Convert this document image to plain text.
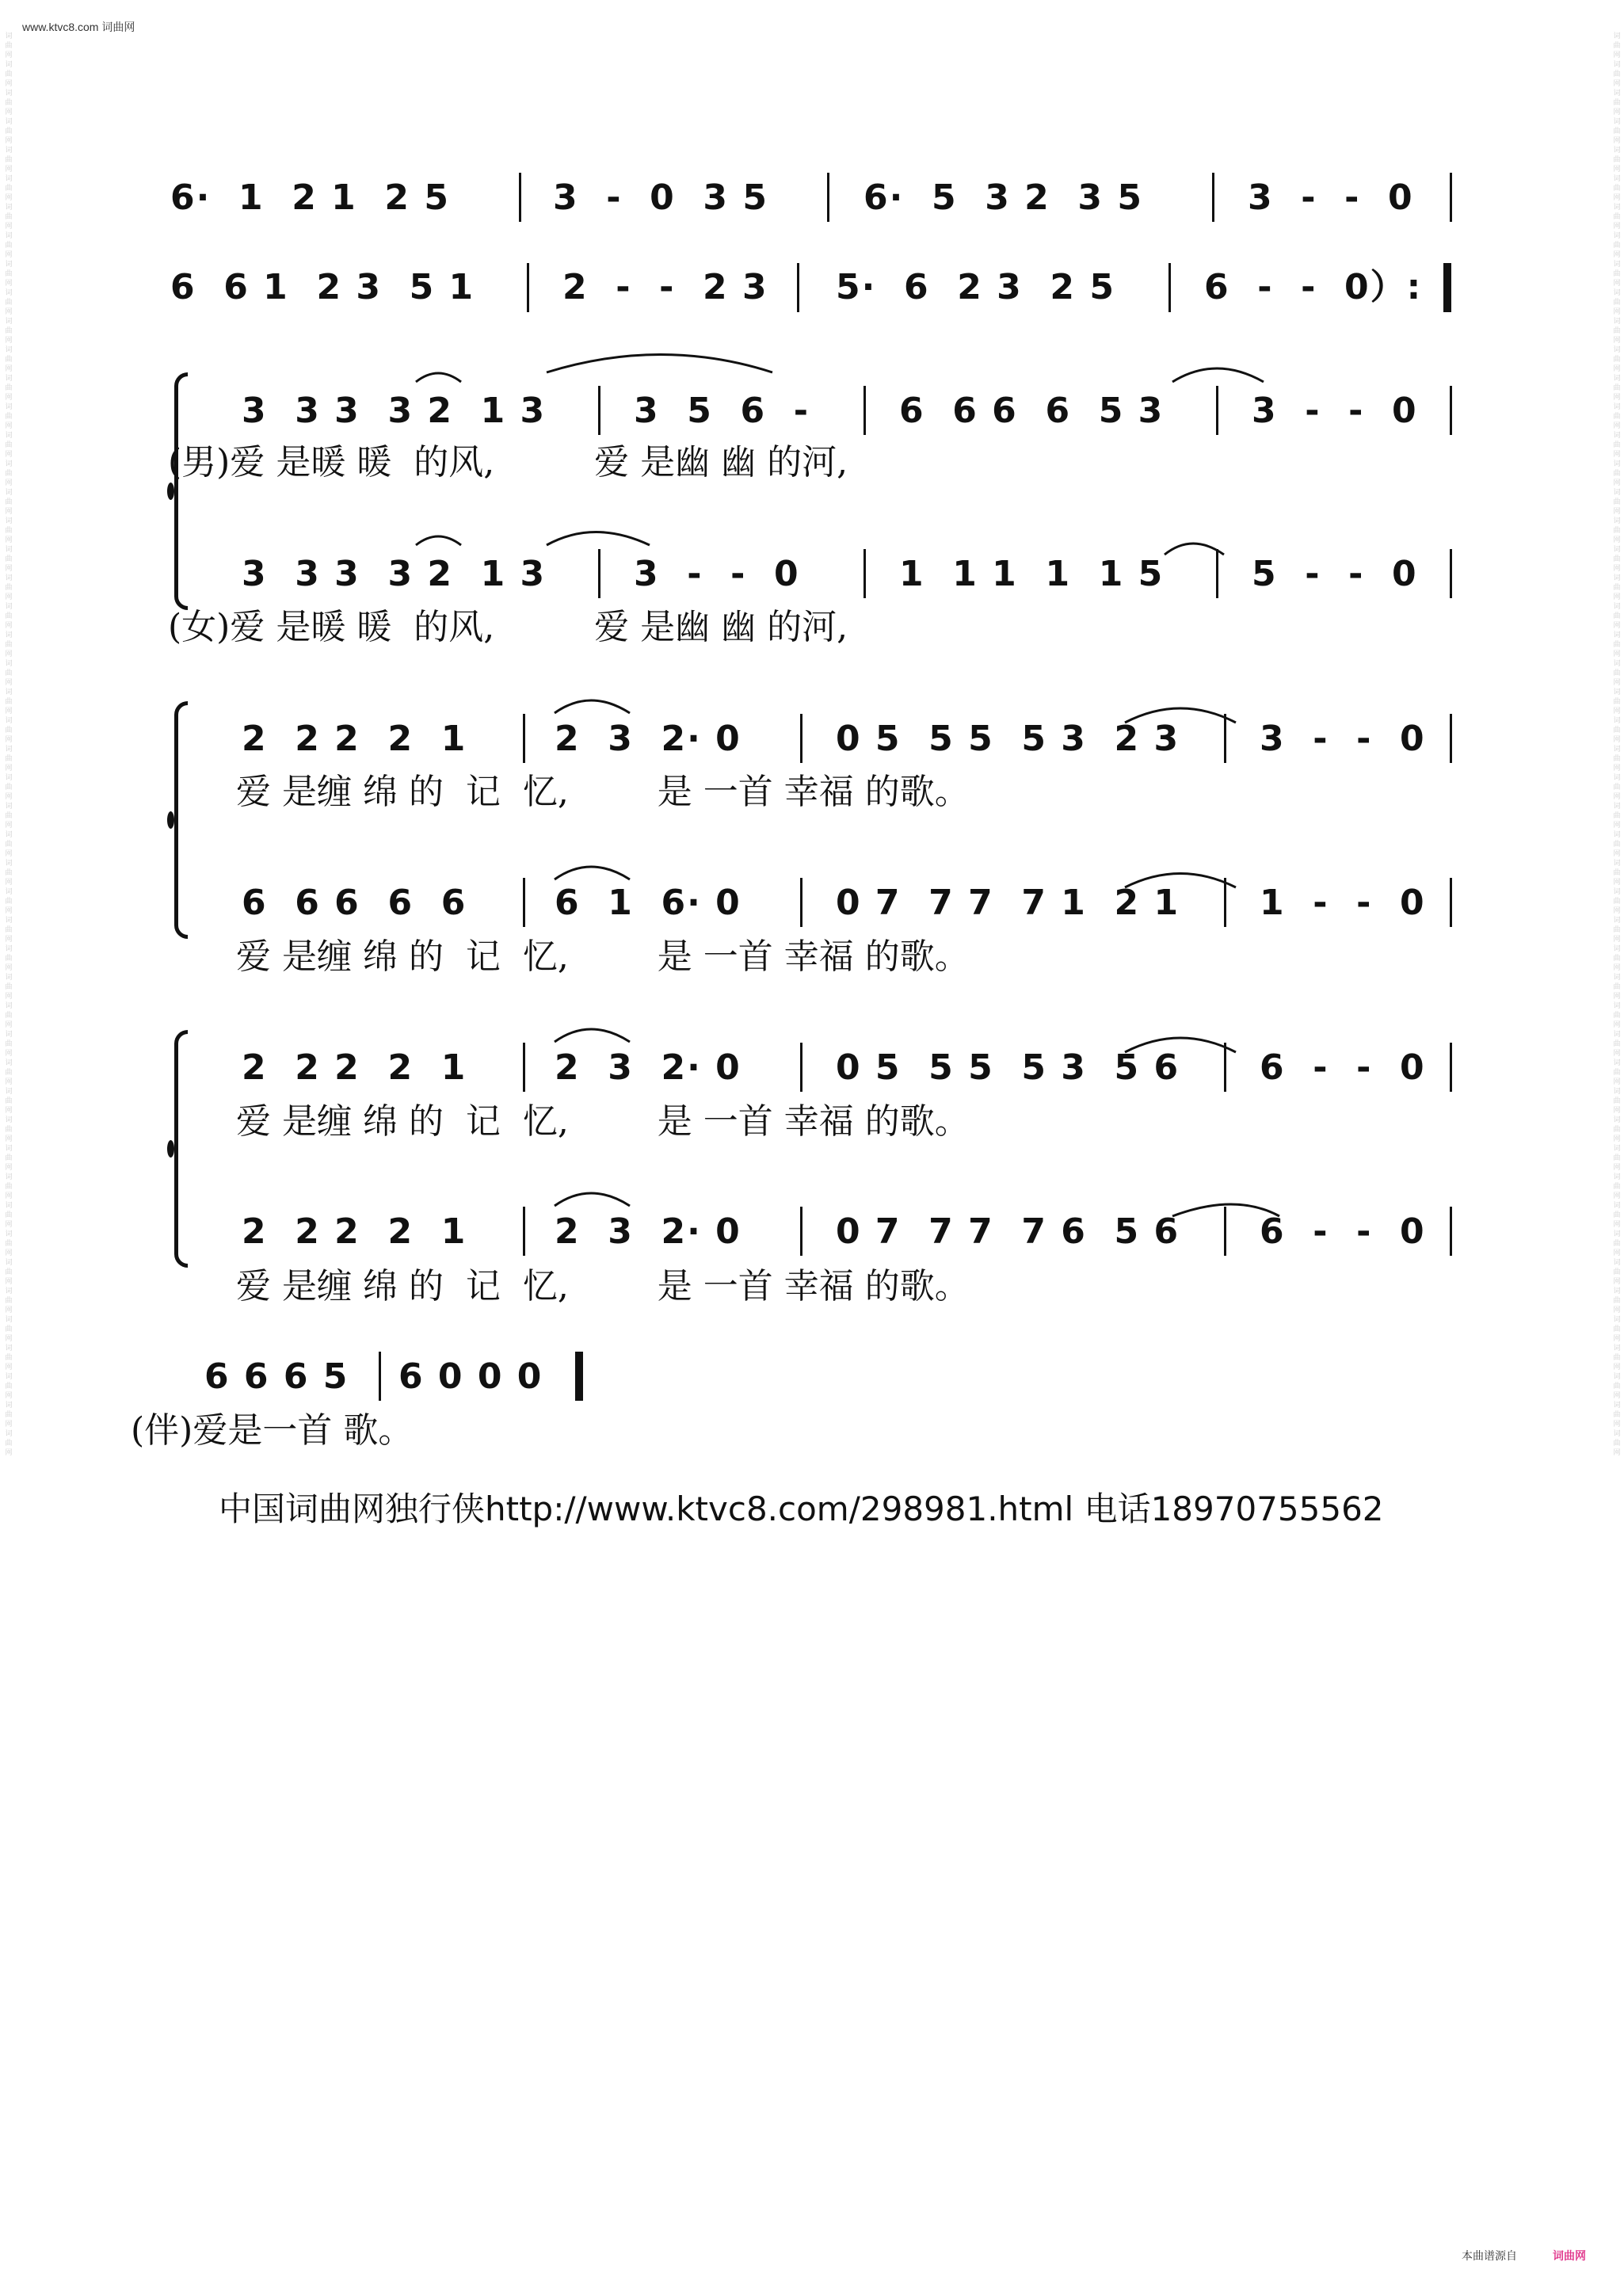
www.ktvc8.com 词曲网
词曲网词曲网词曲网词曲网词曲网词曲网词曲网词曲网词曲网词曲网词曲网词曲网词曲网词曲网词曲网词曲网词曲网词曲网词曲网词曲网词曲网词曲网词曲网词曲网词曲网词曲网词曲网词曲网词曲网词曲网词曲网词曲网词曲网词曲网词曲网词曲网词曲网词曲网词曲网词曲网词曲网词曲网词曲网词曲网词曲网词曲网词曲网词曲网词曲网词曲网
词曲网词曲网词曲网词曲网词曲网词曲网词曲网词曲网词曲网词曲网词曲网词曲网词曲网词曲网词曲网词曲网词曲网词曲网词曲网词曲网词曲网词曲网词曲网词曲网词曲网词曲网词曲网词曲网词曲网词曲网词曲网词曲网词曲网词曲网词曲网词曲网词曲网词曲网词曲网词曲网词曲网词曲网词曲网词曲网词曲网词曲网词曲网词曲网词曲网词曲网
6·  1  2 1  2 5	3  -  0  3 5	6·  5  3 2  3 5	3  -  -  0
6  6 1  2 3  5 1	2  -  -  2 3 5·  6  2 3  2 5	6  -  -  0）:
3  3 3  3 2  1 3	3  5  6  -	6  6 6  6  5 3	3  -  -  0
(男)爱 是暖 暖  的风,         爱 是幽 幽 的河,
3  3 3  3 2  1 3	3  -  -  0	1  1 1  1  1 5	5  -  -  0
(女)爱 是暖 暖  的风,         爱 是幽 幽 的河,
2  2 2  2  1	2  3  2· 0	0 5  5 5  5 3  2 3 3  -  -  0
爱 是缠 绵 的  记  忆,        是 一首 幸福 的歌。
6  6 6  6  6	6  1  6· 0	0 7  7 7  7 1  2 1 1  -  -  0
爱 是缠 绵 的  记  忆,        是 一首 幸福 的歌。
2  2 2  2  1	2  3  2· 0	0 5  5 5  5 3  5 6 6  -  -  0
爱 是缠 绵 的  记  忆,        是 一首 幸福 的歌。
2  2 2  2  1	2  3  2· 0	0 7  7 7  7 6  5 6 6  -  -  0
爱 是缠 绵 的  记  忆,        是 一首 幸福 的歌。
6 6 6 5 6 0 0 0
(伴)爱是一首 歌。
中国词曲网独行侠http://www.ktvc8.com/298981.html 电话18970755562
本曲谱源自	词曲网
